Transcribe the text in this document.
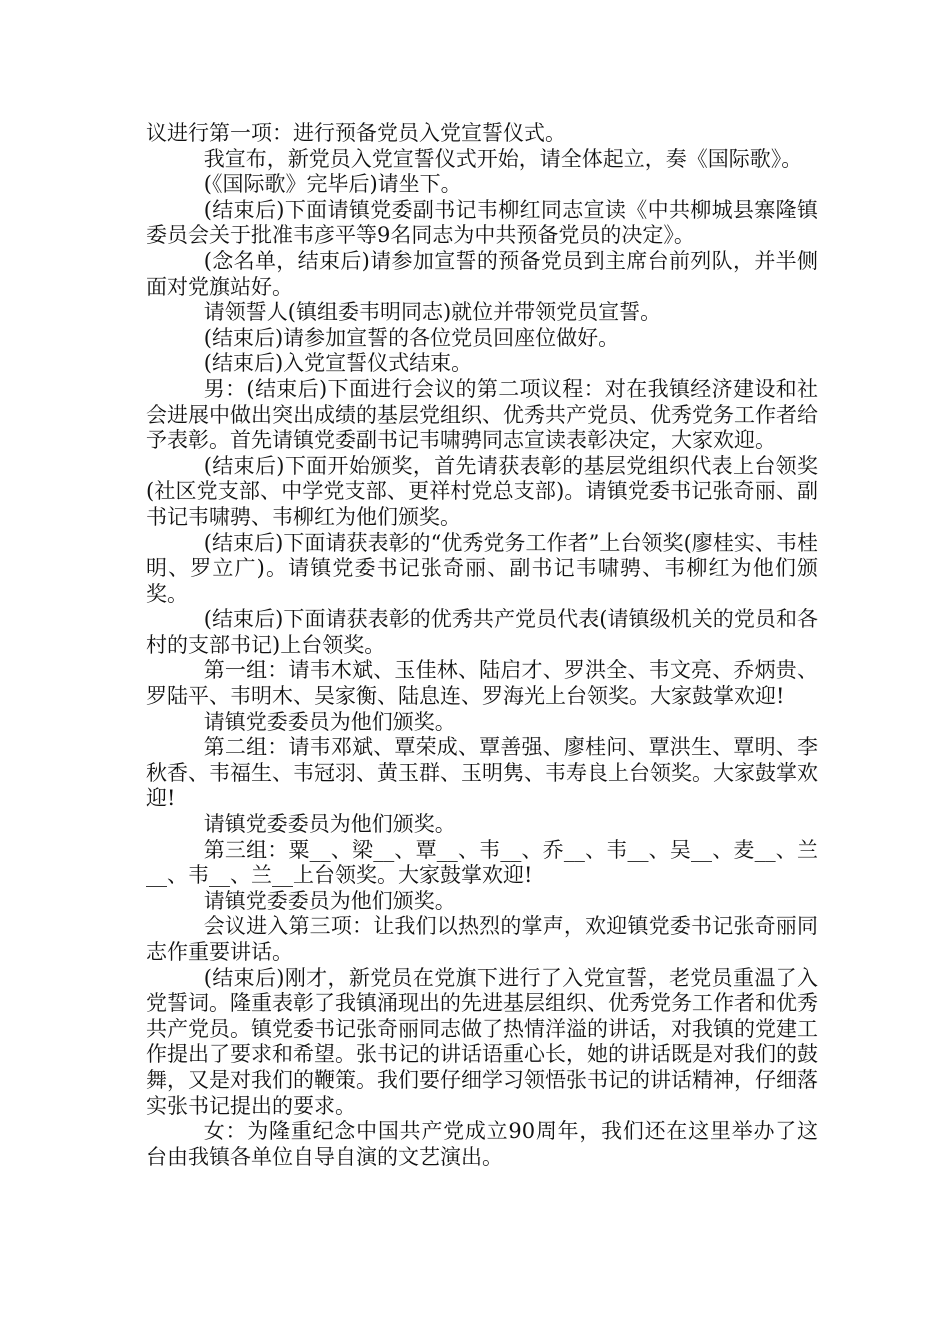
议进行第一项：进行预备党员入党宣誓仪式。

我宣布，新党员入党宣誓仪式开始，请全体起立，奏《国际歌》。

(《国际歌》完毕后)请坐下。

(结束后)下面请镇党委副书记韦柳红同志宣读《中共柳城县寨隆镇委员会关于批准韦彦平等9名同志为中共预备党员的决定》。

(念名单，结束后)请参加宣誓的预备党员到主席台前列队，并半侧面对党旗站好。

请领誓人(镇组委韦明同志)就位并带领党员宣誓。

(结束后)请参加宣誓的各位党员回座位做好。

(结束后)入党宣誓仪式结束。

男：(结束后)下面进行会议的第二项议程：对在我镇经济建设和社会进展中做出突出成绩的基层党组织、优秀共产党员、优秀党务工作者给予表彰。首先请镇党委副书记韦啸骋同志宣读表彰决定，大家欢迎。

(结束后)下面开始颁奖，首先请获表彰的基层党组织代表上台领奖(社区党支部、中学党支部、更祥村党总支部)。请镇党委书记张奇丽、副书记韦啸骋、韦柳红为他们颁奖。

(结束后)下面请获表彰的“优秀党务工作者”上台领奖(廖桂实、韦桂明、罗立广)。请镇党委书记张奇丽、副书记韦啸骋、韦柳红为他们颁奖。

(结束后)下面请获表彰的优秀共产党员代表(请镇级机关的党员和各村的支部书记)上台领奖。

第一组：请韦木斌、玉佳林、陆启才、罗洪全、韦文亮、乔炳贵、罗陆平、韦明木、吴家衡、陆息连、罗海光上台领奖。大家鼓掌欢迎!

请镇党委委员为他们颁奖。

第二组：请韦邓斌、覃荣成、覃善强、廖桂问、覃洪生、覃明、李秋香、韦福生、韦冠羽、黄玉群、玉明隽、韦寿良上台领奖。大家鼓掌欢迎!

请镇党委委员为他们颁奖。

第三组：粟__、梁__、覃__、韦__、乔__、韦__、吴__、麦__、兰__、韦__、兰__上台领奖。大家鼓掌欢迎!

请镇党委委员为他们颁奖。

会议进入第三项：让我们以热烈的掌声，欢迎镇党委书记张奇丽同志作重要讲话。

(结束后)刚才，新党员在党旗下进行了入党宣誓，老党员重温了入党誓词。隆重表彰了我镇涌现出的先进基层组织、优秀党务工作者和优秀共产党员。镇党委书记张奇丽同志做了热情洋溢的讲话，对我镇的党建工作提出了要求和希望。张书记的讲话语重心长，她的讲话既是对我们的鼓舞，又是对我们的鞭策。我们要仔细学习领悟张书记的讲话精神，仔细落实张书记提出的要求。

女：为隆重纪念中国共产党成立90周年，我们还在这里举办了这台由我镇各单位自导自演的文艺演出。
